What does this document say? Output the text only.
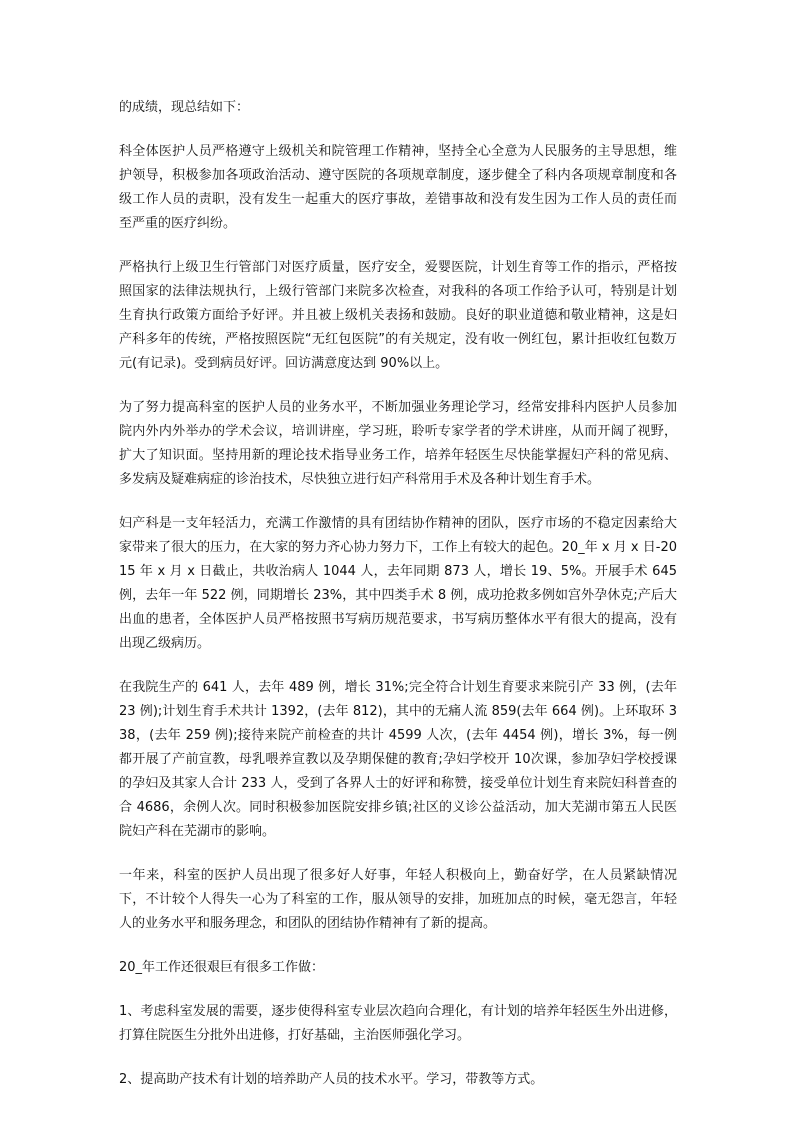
的成绩，现总结如下：

科全体医护人员严格遵守上级机关和院管理工作精神，坚持全心全意为人民服务的主导思想，维护领导，积极参加各项政治活动、遵守医院的各项规章制度，逐步健全了科内各项规章制度和各级工作人员的责职，没有发生一起重大的医疗事故，差错事故和没有发生因为工作人员的责任而至严重的医疗纠纷。

严格执行上级卫生行管部门对医疗质量，医疗安全，爱婴医院，计划生育等工作的指示，严格按照国家的法律法规执行，上级行管部门来院多次检查，对我科的各项工作给予认可，特别是计划生育执行政策方面给予好评。并且被上级机关表扬和鼓励。良好的职业道德和敬业精神，这是妇产科多年的传统，严格按照医院“无红包医院”的有关规定，没有收一例红包，累计拒收红包数万元(有记录)。受到病员好评。回访满意度达到 90%以上。

为了努力提高科室的医护人员的业务水平，不断加强业务理论学习，经常安排科内医护人员参加院内外内外举办的学术会议，培训讲座，学习班，聆听专家学者的学术讲座，从而开阔了视野，扩大了知识面。坚持用新的理论技术指导业务工作，培养年轻医生尽快能掌握妇产科的常见病、多发病及疑难病症的诊治技术，尽快独立进行妇产科常用手术及各种计划生育手术。

妇产科是一支年轻活力，充满工作激情的具有团结协作精神的团队，医疗市场的不稳定因素给大家带来了很大的压力，在大家的努力齐心协力努力下，工作上有较大的起色。20_年 x 月 x 日-2015 年 x 月 x 日截止，共收治病人 1044 人，去年同期 873 人，增长 19、5%。开展手术 645 例，去年一年 522 例，同期增长 23%，其中四类手术 8 例，成功抢救多例如宫外孕休克;产后大出血的患者，全体医护人员严格按照书写病历规范要求，书写病历整体水平有很大的提高，没有出现乙级病历。

在我院生产的 641 人，去年 489 例，增长 31%;完全符合计划生育要求来院引产 33 例，(去年 23 例);计划生育手术共计 1392，(去年 812)，其中的无痛人流 859(去年 664 例)。上环取环 338，(去年 259 例);接待来院产前检查的共计 4599 人次，(去年 4454 例)，增长 3%，每一例都开展了产前宣教，母乳喂养宣教以及孕期保健的教育;孕妇学校开 10次课，参加孕妇学校授课的孕妇及其家人合计 233 人，受到了各界人士的好评和称赞，接受单位计划生育来院妇科普查的合 4686，余例人次。同时积极参加医院安排乡镇;社区的义诊公益活动，加大芜湖市第五人民医院妇产科在芜湖市的影响。

一年来，科室的医护人员出现了很多好人好事，年轻人积极向上，勤奋好学，在人员紧缺情况下，不计较个人得失一心为了科室的工作，服从领导的安排，加班加点的时候，毫无怨言，年轻人的业务水平和服务理念，和团队的团结协作精神有了新的提高。

20_年工作还很艰巨有很多工作做：

1、考虑科室发展的需要，逐步使得科室专业层次趋向合理化，有计划的培养年轻医生外出进修，打算住院医生分批外出进修，打好基础，主治医师强化学习。

2、提高助产技术有计划的培养助产人员的技术水平。学习，带教等方式。
